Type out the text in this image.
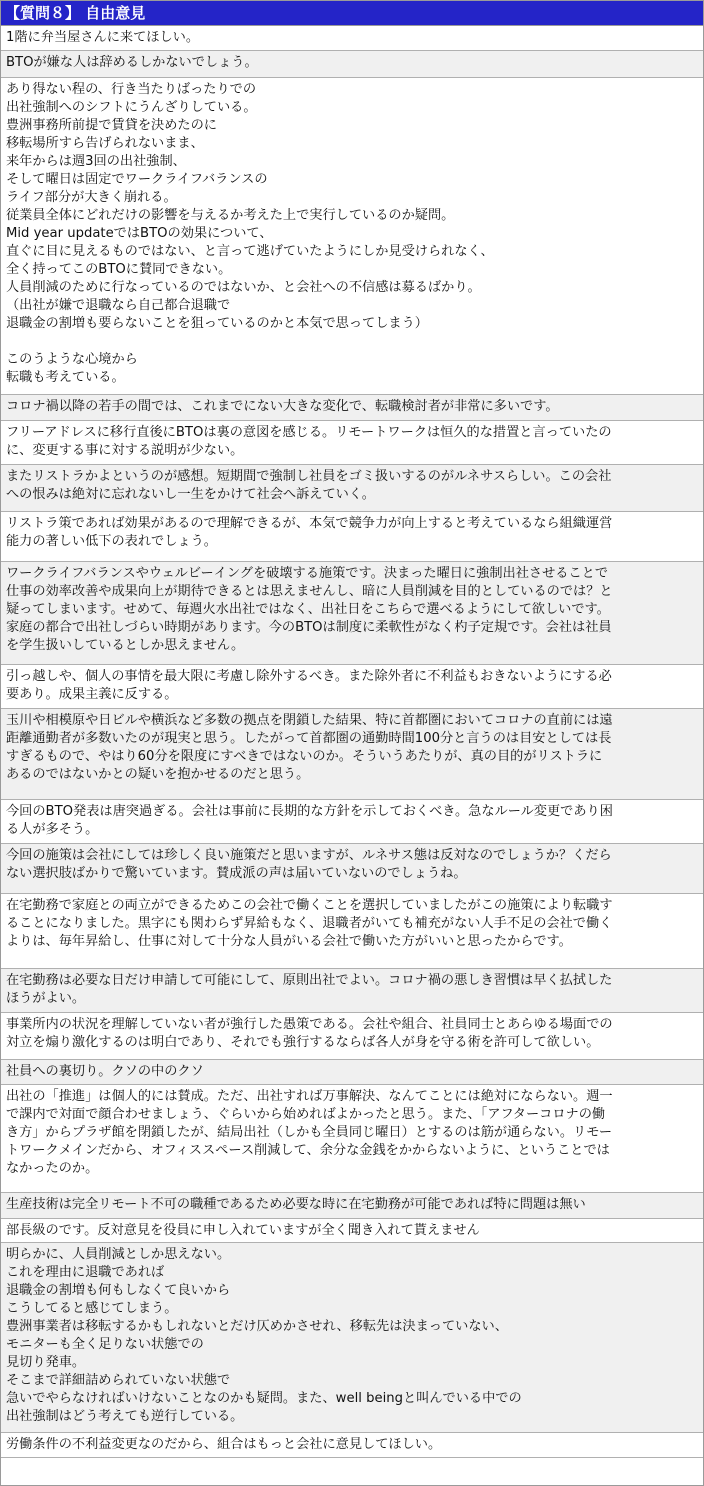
【質問８】 自由意見
1階に弁当屋さんに来てほしい。
BTOが嫌な人は辞めるしかないでしょう。
あり得ない程の、行き当たりばったりでの
出社強制へのシフトにうんざりしている。
豊洲事務所前提で賃貸を決めたのに
移転場所すら告げられないまま、
来年からは週3回の出社強制、
そして曜日は固定でワークライフバランスの
ライフ部分が大きく崩れる。
従業員全体にどれだけの影響を与えるか考えた上で実行しているのか疑問。
Mid year updateではBTOの効果について、
直ぐに目に見えるものではない、と言って逃げていたようにしか見受けられなく、
全く持ってこのBTOに賛同できない。
人員削減のために行なっているのではないか、と会社への不信感は募るばかり。
（出社が嫌で退職なら自己都合退職で
退職金の割増も要らないことを狙っているのかと本気で思ってしまう）

このうような心境から
転職も考えている。
コロナ禍以降の若手の間では、これまでにない大きな変化で、転職検討者が非常に多いです。
フリーアドレスに移行直後にBTOは裏の意図を感じる。リモートワークは恒久的な措置と言っていたの
に、変更する事に対する説明が少ない。
またリストラかよというのが感想。短期間で強制し社員をゴミ扱いするのがルネサスらしい。この会社
への恨みは絶対に忘れないし一生をかけて社会へ訴えていく。
リストラ策であれば効果があるので理解できるが、本気で競争力が向上すると考えているなら組織運営
能力の著しい低下の表れでしょう。
ワークライフバランスやウェルビーイングを破壊する施策です。決まった曜日に強制出社させることで
仕事の効率改善や成果向上が期待できるとは思えませんし、暗に人員削減を目的としているのでは？と
疑ってしまいます。せめて、毎週火水出社ではなく、出社日をこちらで選べるようにして欲しいです。
家庭の都合で出社しづらい時期があります。今のBTOは制度に柔軟性がなく杓子定規です。会社は社員
を学生扱いしているとしか思えません。
引っ越しや、個人の事情を最大限に考慮し除外するべき。また除外者に不利益もおきないようにする必
要あり。成果主義に反する。
玉川や相模原や日ビルや横浜など多数の拠点を閉鎖した結果、特に首都圏においてコロナの直前には遠
距離通勤者が多数いたのが現実と思う。したがって首都圏の通勤時間100分と言うのは目安としては長
すぎるもので、やはり60分を限度にすべきではないのか。そういうあたりが、真の目的がリストラに
あるのではないかとの疑いを抱かせるのだと思う。
今回のBTO発表は唐突過ぎる。会社は事前に長期的な方針を示しておくべき。急なルール変更であり困
る人が多そう。
今回の施策は会社にしては珍しく良い施策だと思いますが、ルネサス態は反対なのでしょうか？くだら
ない選択肢ばかりで驚いています。賛成派の声は届いていないのでしょうね。
在宅勤務で家庭との両立ができるためこの会社で働くことを選択していましたがこの施策により転職す
ることになりました。黒字にも関わらず昇給もなく、退職者がいても補充がない人手不足の会社で働く
よりは、毎年昇給し、仕事に対して十分な人員がいる会社で働いた方がいいと思ったからです。
在宅勤務は必要な日だけ申請して可能にして、原則出社でよい。コロナ禍の悪しき習慣は早く払拭した
ほうがよい。
事業所内の状況を理解していない者が強行した愚策である。会社や組合、社員同士とあらゆる場面での
対立を煽り激化するのは明白であり、それでも強行するならば各人が身を守る術を許可して欲しい。
社員への裏切り。クソの中のクソ
出社の「推進」は個人的には賛成。ただ、出社すれば万事解決、なんてことには絶対にならない。週一
で課内で対面で顔合わせましょう、ぐらいから始めればよかったと思う。また、「アフターコロナの働
き方」からプラザ館を閉鎖したが、結局出社（しかも全員同じ曜日）とするのは筋が通らない。リモー
トワークメインだから、オフィススペース削減して、余分な金銭をかからないように、ということでは
なかったのか。
生産技術は完全リモート不可の職種であるため必要な時に在宅勤務が可能であれば特に問題は無い
部長級のです。反対意見を役員に申し入れていますが全く聞き入れて貰えません
明らかに、人員削減としか思えない。
これを理由に退職であれば
退職金の割増も何もしなくて良いから
こうしてると感じてしまう。
豊洲事業者は移転するかもしれないとだけ仄めかさせれ、移転先は決まっていない、
モニターも全く足りない状態での
見切り発車。
そこまで詳細詰められていない状態で
急いでやらなければいけないことなのかも疑問。また、well beingと叫んでいる中での
出社強制はどう考えても逆行している。
労働条件の不利益変更なのだから、組合はもっと会社に意見してほしい。
